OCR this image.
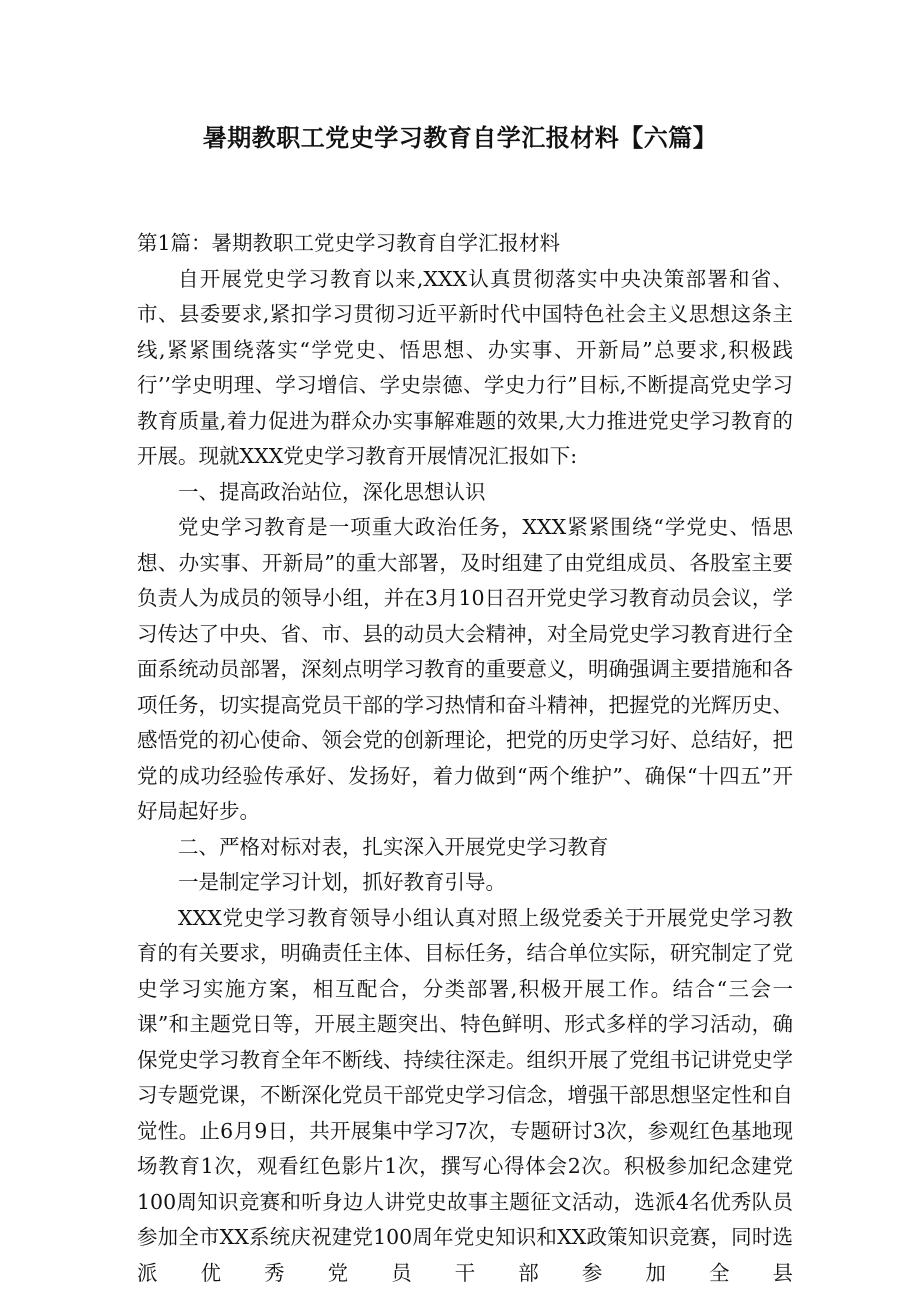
暑期教职工党史学习教育自学汇报材料【六篇】

第1篇：暑期教职工党史学习教育自学汇报材料

自开展党史学习教育以来,XXX认真贯彻落实中央决策部署和省、市、县委要求,紧扣学习贯彻习近平新时代中国特色社会主义思想这条主线,紧紧围绕落实“学党史、悟思想、办实事、开新局”总要求,积极践行’’学史明理、学习增信、学史崇德、学史力行”目标,不断提高党史学习教育质量,着力促进为群众办实事解难题的效果,大力推进党史学习教育的开展。现就XXX党史学习教育开展情况汇报如下:

一、提高政治站位，深化思想认识

党史学习教育是一项重大政治任务，XXX紧紧围绕“学党史、悟思想、办实事、开新局”的重大部署，及时组建了由党组成员、各股室主要负责人为成员的领导小组，并在3月10日召开党史学习教育动员会议，学习传达了中央、省、市、县的动员大会精神，对全局党史学习教育进行全面系统动员部署，深刻点明学习教育的重要意义，明确强调主要措施和各项任务，切实提高党员干部的学习热情和奋斗精神，把握党的光辉历史、感悟党的初心使命、领会党的创新理论，把党的历史学习好、总结好，把党的成功经验传承好、发扬好，着力做到“两个维护”、确保“十四五”开好局起好步。

二、严格对标对表，扎实深入开展党史学习教育

一是制定学习计划，抓好教育引导。

XXX党史学习教育领导小组认真对照上级党委关于开展党史学习教育的有关要求，明确责任主体、目标任务，结合单位实际，研究制定了党史学习实施方案，相互配合，分类部署,积极开展工作。结合“三会一课”和主题党日等，开展主题突出、特色鲜明、形式多样的学习活动，确保党史学习教育全年不断线、持续往深走。组织开展了党组书记讲党史学习专题党课，不断深化党员干部党史学习信念，增强干部思想坚定性和自觉性。止6月9日，共开展集中学习7次，专题研讨3次，参观红色基地现场教育1次，观看红色影片1次，撰写心得体会2次。积极参加纪念建党100周知识竞赛和听身边人讲党史故事主题征文活动，选派4名优秀队员参加全市XX系统庆祝建党100周年党史知识和XX政策知识竞赛，同时选派优秀党员干部参加全县
